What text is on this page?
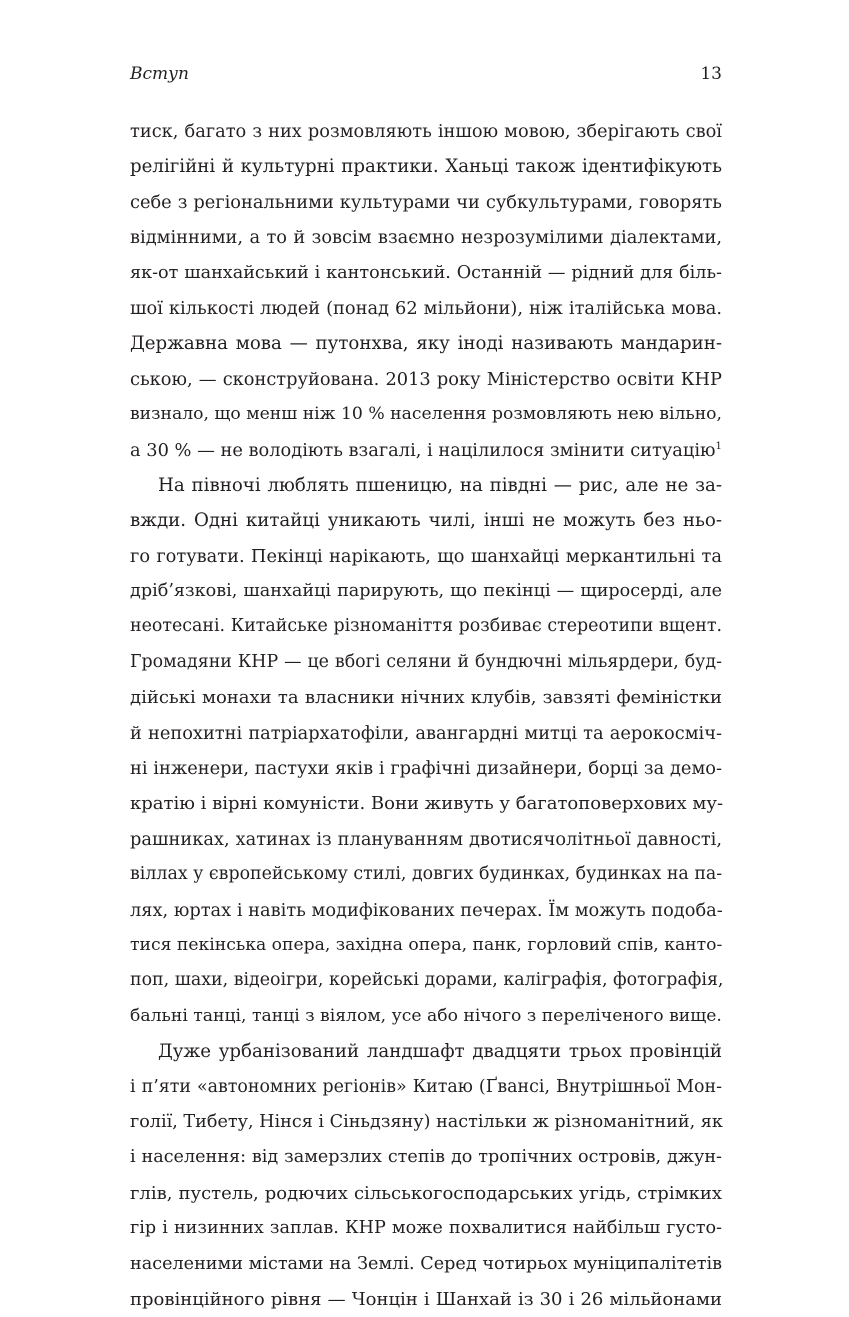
Вступ	13
тиск, багато з них розмовляють іншою мовою, зберігають свої
релігійні й культурні практики. Ханьці також ідентифікують
себе з регіональними культурами чи субкультурами, говорять
відмінними, а то й зовсім взаємно незрозумілими діалектами,
як-от шанхайський і кантонський. Останній — рідний для біль-
шої кількості людей (понад 62 мільйони), ніж італійська мова.
Державна мова — путонхва, яку іноді називають мандарин-
ською, — сконструйована. 2013 року Міністерство освіти КНР
визнало, що менш ніж 10 % населення розмовляють нею вільно,
а 30 % — не володіють взагалі, і націлилося змінити ситуацію$^1$
На півночі люблять пшеницю, на півдні — рис, але не за-
вжди. Одні китайці уникають чилі, інші не можуть без ньо-
го готувати. Пекінці нарікають, що шанхайці меркантильні та
дріб’язкові, шанхайці парирують, що пекінці — щиросерді, але
неотесані. Китайське різноманіття розбиває стереотипи вщент.
Громадяни КНР — це вбогі селяни й бундючні мільярдери, буд-
дійські монахи та власники нічних клубів, завзяті феміністки
й непохитні патріархатофіли, авангардні митці та аерокосміч-
ні інженери, пастухи яків і графічні дизайнери, борці за демо-
кратію і вірні комуністи. Вони живуть у багатоповерхових му-
рашниках, хатинах із плануванням двотисячолітньої давності,
віллах у європейському стилі, довгих будинках, будинках на па-
лях, юртах і навіть модифікованих печерах. Їм можуть подоба-
тися пекінська опера, західна опера, панк, горловий спів, канто-
поп, шахи, відеоігри, корейські дорами, каліграфія, фотографія,
бальні танці, танці з віялом, усе або нічого з переліченого вище.
Дуже урбанізований ландшафт двадцяти трьох провінцій
і п’яти «автономних регіонів» Китаю (Ґвансі, Внутрішньої Мон-
голії, Тибету, Нінся і Сіньдзяну) настільки ж різноманітний, як
і населення: від замерзлих степів до тропічних островів, джун-
глів, пустель, родючих сільськогосподарських угідь, стрімких
гір і низинних заплав. КНР може похвалитися найбільш густо-
населеними містами на Землі. Серед чотирьох муніципалітетів
провінційного рівня — Чонцін і Шанхай із 30 і 26 мільйонами
